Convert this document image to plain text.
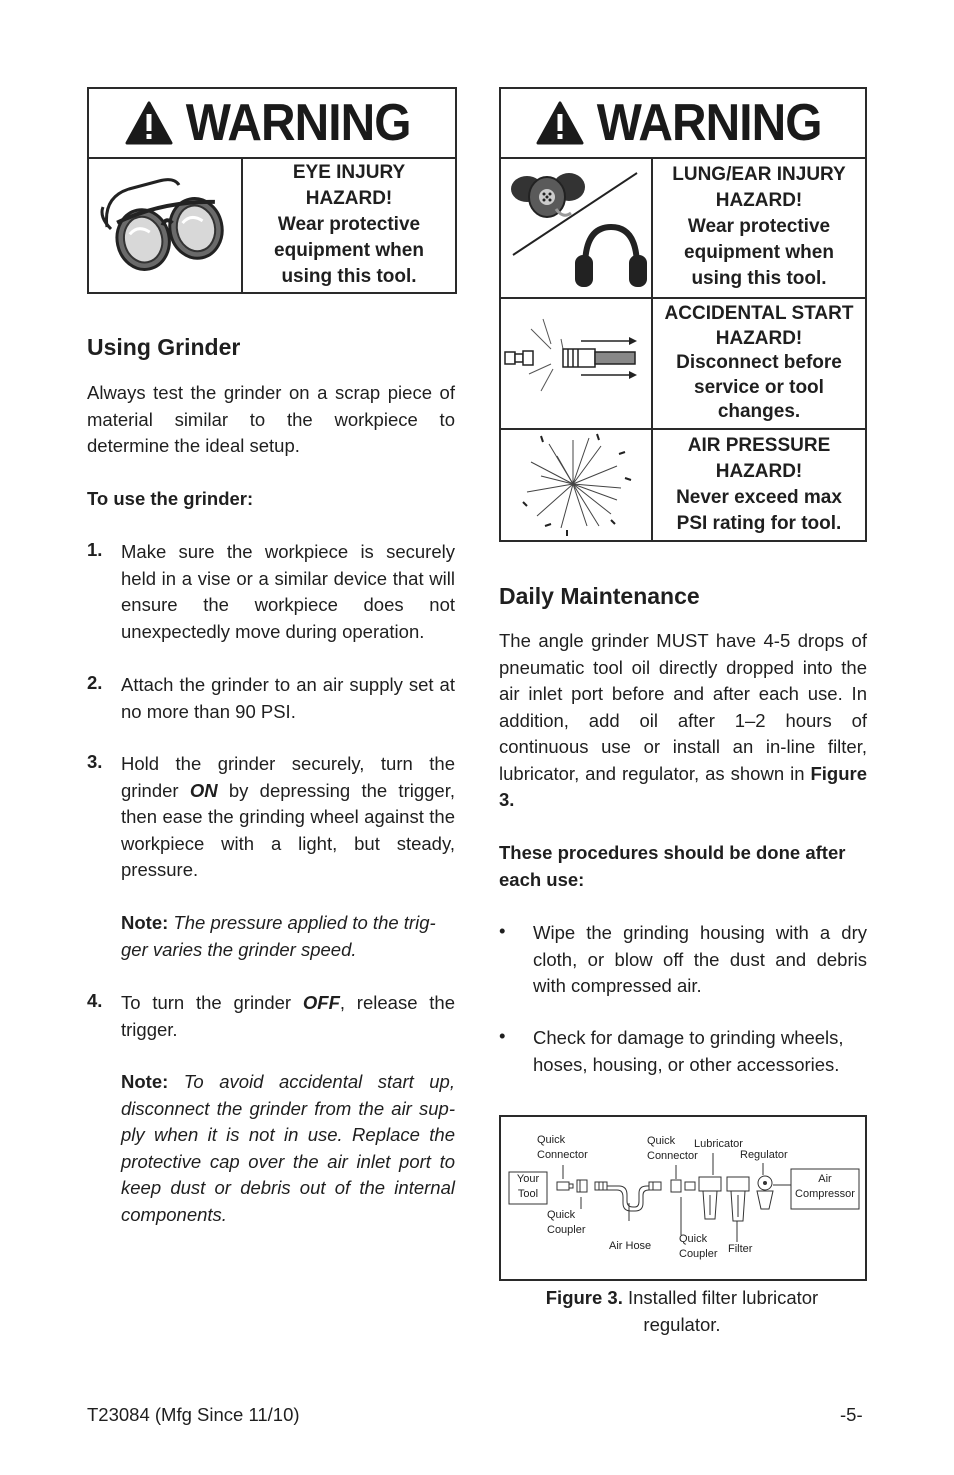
WARNING
EYE INJURY
HAZARD!
Wear protective
equipment when
using this tool.
WARNING
LUNG/EAR INJURY
HAZARD!
Wear protective
equipment when
using this tool.
ACCIDENTAL START
HAZARD!
Disconnect before
service or tool
changes.
AIR PRESSURE
HAZARD!
Never exceed max
PSI rating for tool.
Using Grinder
Always test the grinder on a scrap piece of material similar to the workpiece to determine the ideal setup.
To use the grinder:
1. Make sure the workpiece is securely held in a vise or a similar device that will ensure the workpiece does not unexpectedly move during operation.
2. Attach the grinder to an air supply set at no more than 90 PSI.
3. Hold the grinder securely, turn the grinder ON by depressing the trigger, then ease the grinding wheel against the workpiece with a light, but steady, pressure.
Note: The pressure applied to the trig-ger varies the grinder speed.
4. To turn the grinder OFF, release the trigger.
Note: To avoid accidental start up, disconnect the grinder from the air sup-ply when it is not in use. Replace the protective cap over the air inlet port to keep dust or debris out of the internal components.
Daily Maintenance
The angle grinder MUST have 4-5 drops of pneumatic tool oil directly dropped into the air inlet port before and after each use. In addition, add oil after 1–2 hours of continuous use or install an in-line filter, lubricator, and regulator, as shown in Figure 3.
These procedures should be done after each use:
• Wipe the grinding housing with a dry cloth, or blow off the dust and debris with compressed air.
• Check for damage to grinding wheels, hoses, housing, or other accessories.
Your
Tool
Quick
Connector
Quick
Coupler
Air Hose
Quick
Connector
Lubricator
Quick
Coupler
Regulator
Filter
Air
Compressor
Figure 3. Installed filter lubricator regulator.
T23084 (Mfg Since 11/10)	-5-
